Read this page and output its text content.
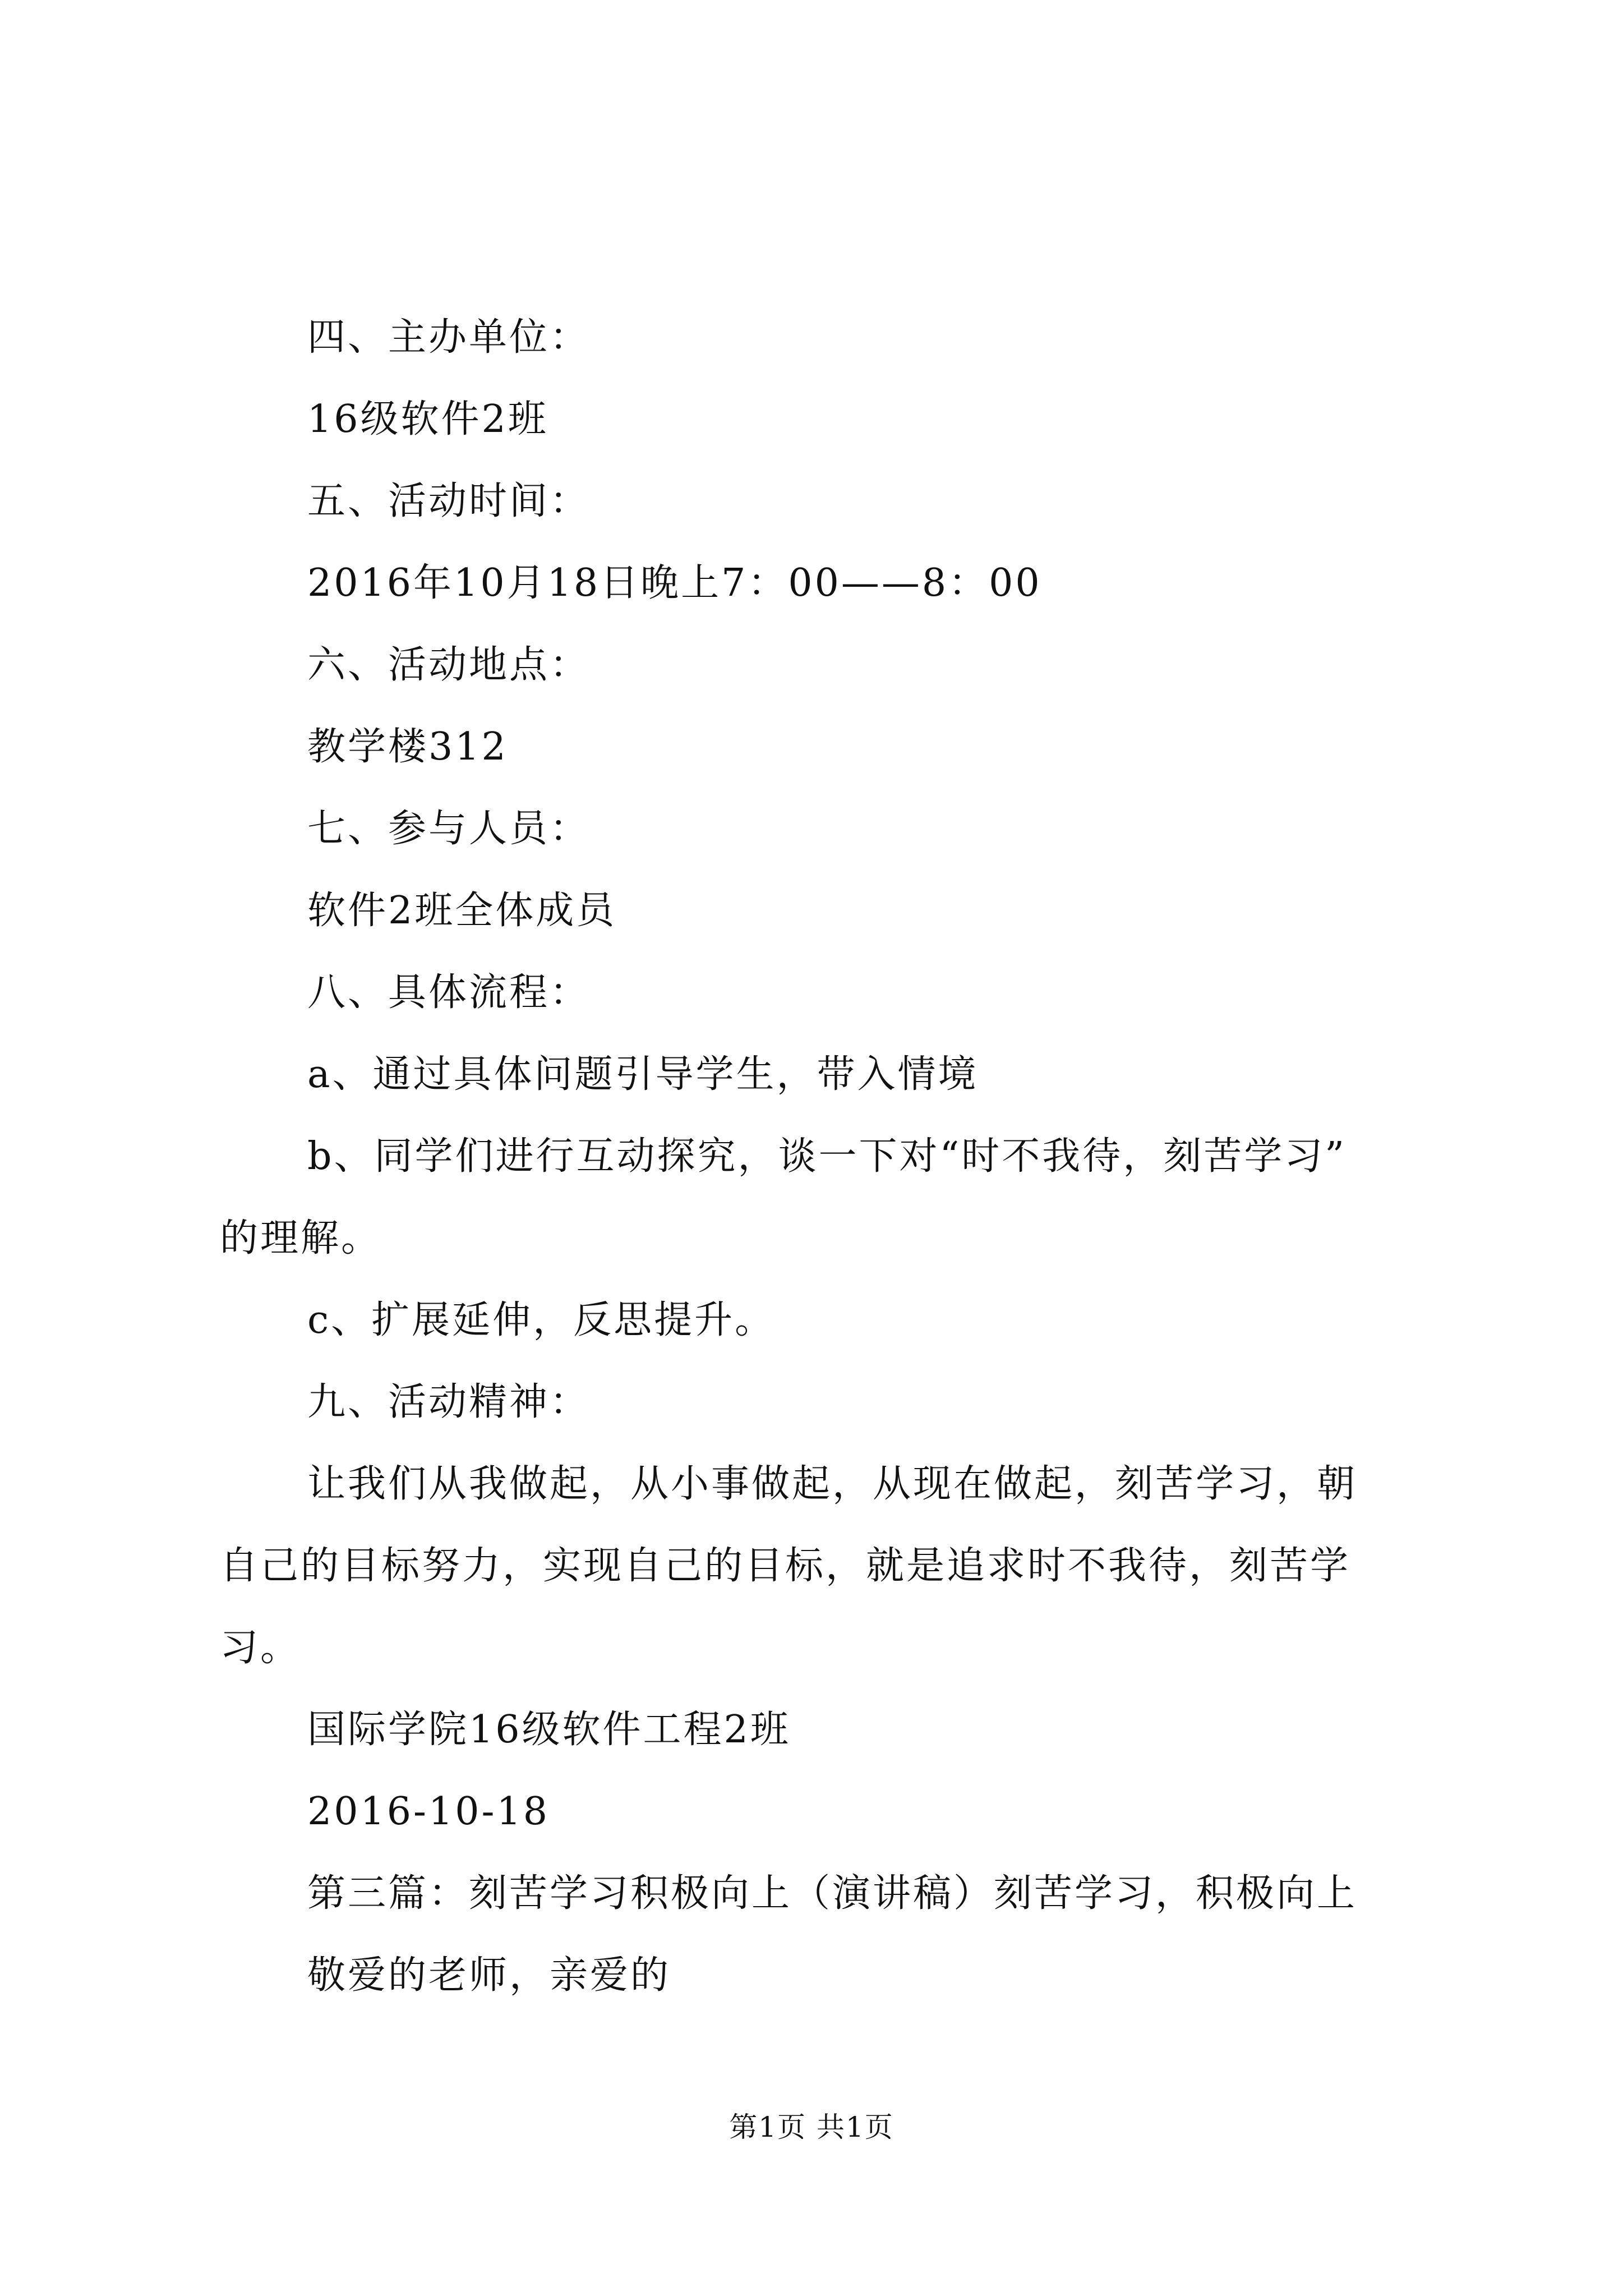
四、主办单位：
16级软件2班
五、活动时间：
2016年10月18日晚上7：00——8：00
六、活动地点：
教学楼312
七、参与人员：
软件2班全体成员
八、具体流程：
a、通过具体问题引导学生，带入情境
b、同学们进行互动探究，谈一下对“时不我待，刻苦学习”
的理解。
c、扩展延伸，反思提升。
九、活动精神：
让我们从我做起，从小事做起，从现在做起，刻苦学习，朝
自己的目标努力，实现自己的目标，就是追求时不我待，刻苦学
习。
国际学院16级软件工程2班
2016-10-18
第三篇：刻苦学习积极向上（演讲稿）刻苦学习，积极向上
敬爱的老师，亲爱的
第1页 共1页
